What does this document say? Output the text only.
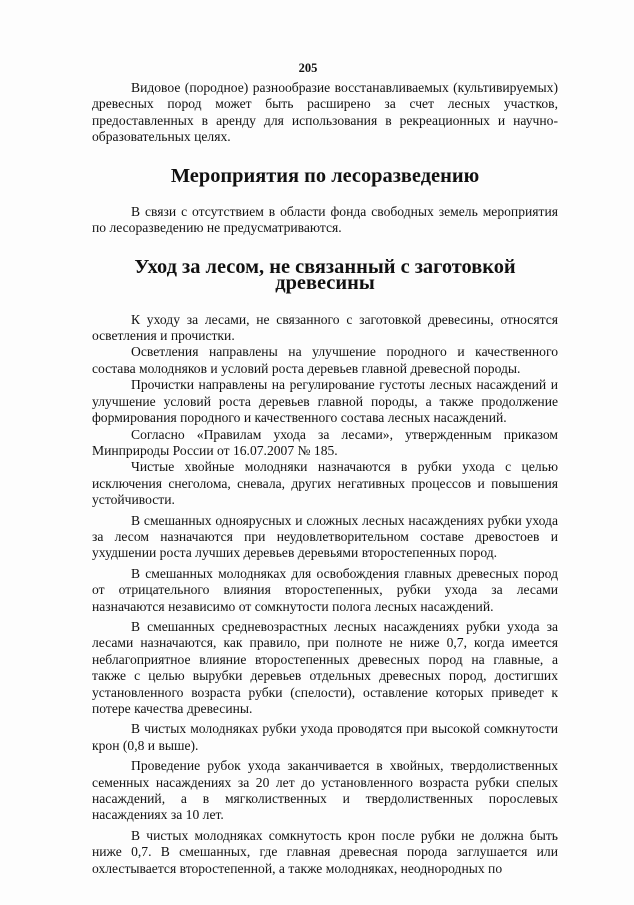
205

Видовое (породное) разнообразие восстанавливаемых (культивируемых) древесных пород может быть расширено за счет лесных участков, предоставленных в аренду для использования в рекреационных и научно-образовательных целях.

Мероприятия по лесоразведению

В связи с отсутствием в области фонда свободных земель мероприятия по лесоразведению не предусматриваются.

Уход за лесом, не связанный с заготовкой древесины

К уходу за лесами, не связанного с заготовкой древесины, относятся осветления и прочистки.

Осветления направлены на улучшение породного и качественного состава молодняков и условий роста деревьев главной древесной породы.

Прочистки направлены на регулирование густоты лесных насаждений и улучшение условий роста деревьев главной породы, а также продолжение формирования породного и качественного состава лесных насаждений.

Согласно «Правилам ухода за лесами», утвержденным приказом Минприроды России от 16.07.2007 № 185.

Чистые хвойные молодняки назначаются в рубки ухода с целью исключения снеголома, сневала, других негативных процессов и повышения устойчивости.

В смешанных одноярусных и сложных лесных насаждениях рубки ухода за лесом назначаются при неудовлетворительном составе древостоев и ухудшении роста лучших деревьев деревьями второстепенных пород.

В смешанных молодняках для освобождения главных древесных пород от отрицательного влияния второстепенных, рубки ухода за лесами назначаются независимо от сомкнутости полога лесных насаждений.

В смешанных средневозрастных лесных насаждениях рубки ухода за лесами назначаются, как правило, при полноте не ниже 0,7, когда имеется неблагоприятное влияние второстепенных древесных пород на главные, а также с целью вырубки деревьев отдельных древесных пород, достигших установленного возраста рубки (спелости), оставление которых приведет к потере качества древесины.

В чистых молодняках рубки ухода проводятся при высокой сомкнутости крон (0,8 и выше).

Проведение рубок ухода заканчивается в хвойных, твердолиственных семенных насаждениях за 20 лет до установленного возраста рубки спелых насаждений, а в мягколиственных и твердолиственных порослевых насаждениях за 10 лет.

В чистых молодняках сомкнутость крон после рубки не должна быть ниже 0,7. В смешанных, где главная древесная порода заглушается или охлестывается второстепенной, а также молодняках, неоднородных по
